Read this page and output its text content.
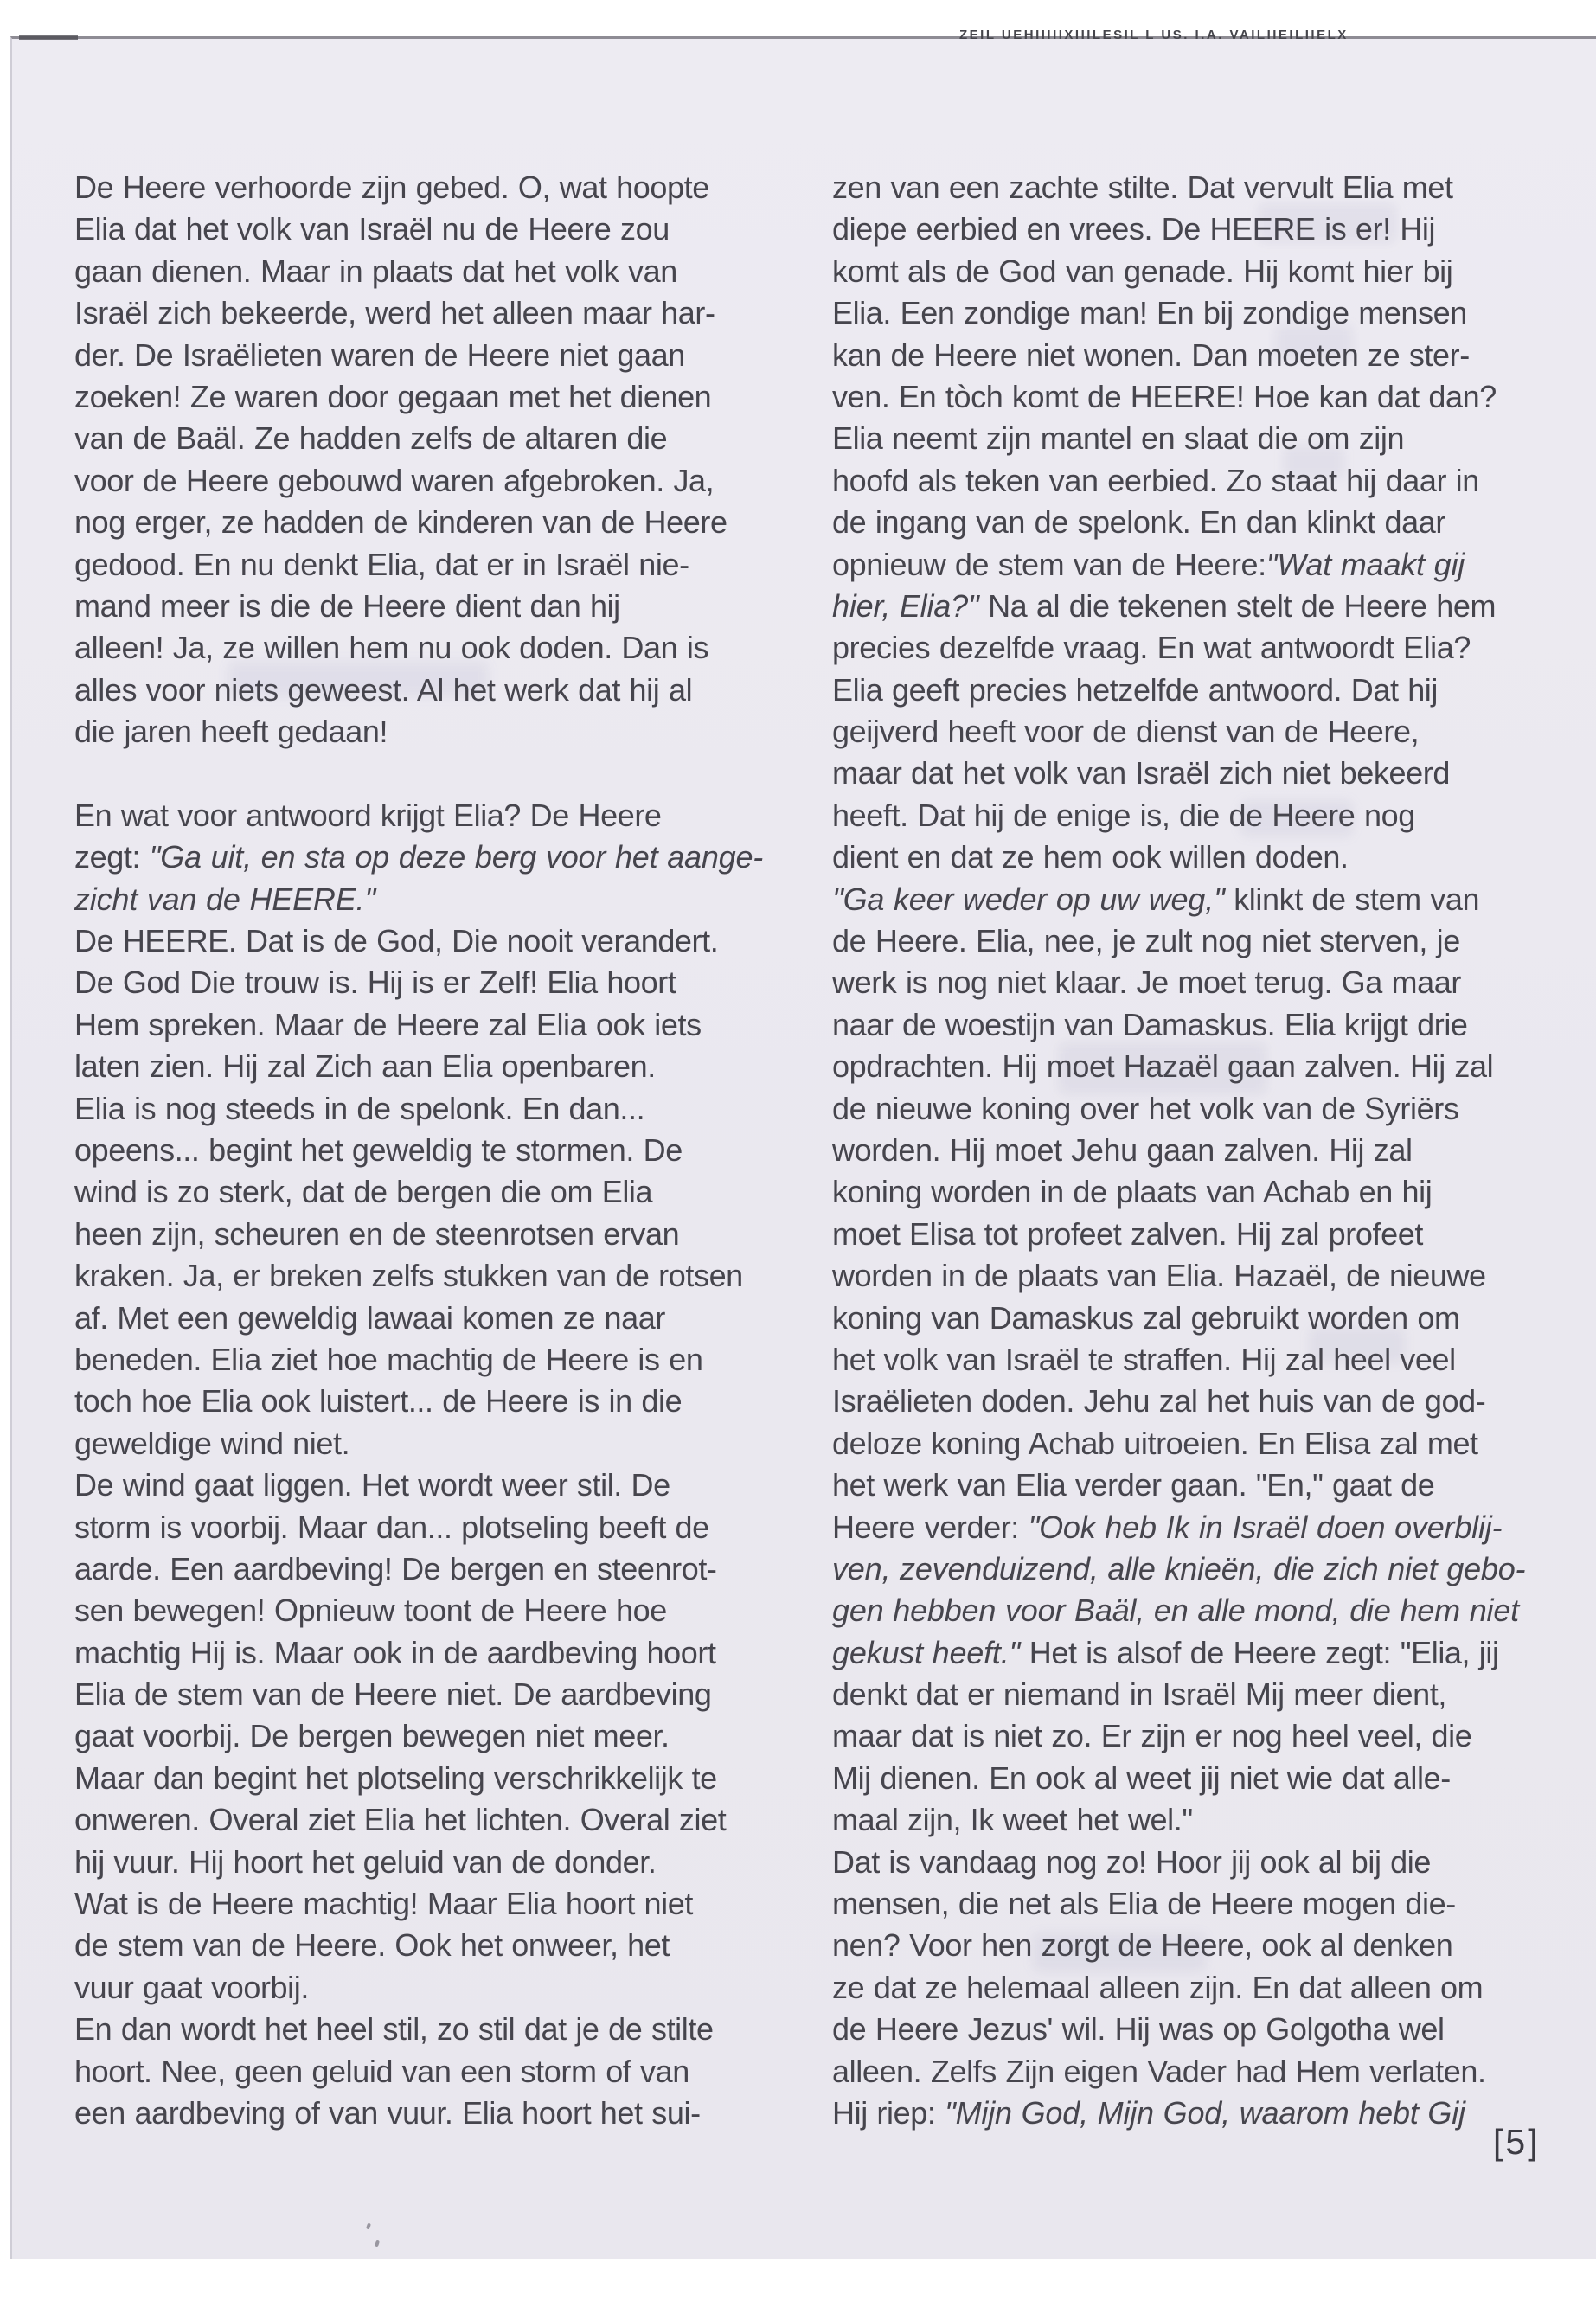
ZEIL UEHIIIIIXIIILESIL L US. I.A. VAILIIEILIIELX
De Heere verhoorde zijn gebed. O, wat hoopte
Elia dat het volk van Israël nu de Heere zou
gaan dienen. Maar in plaats dat het volk van
Israël zich bekeerde, werd het alleen maar har-
der. De Israëlieten waren de Heere niet gaan
zoeken! Ze waren door gegaan met het dienen
van de Baäl. Ze hadden zelfs de altaren die
voor de Heere gebouwd waren afgebroken. Ja,
nog erger, ze hadden de kinderen van de Heere
gedood. En nu denkt Elia, dat er in Israël nie-
mand meer is die de Heere dient dan hij
alleen! Ja, ze willen hem nu ook doden. Dan is
alles voor niets geweest. Al het werk dat hij al
die jaren heeft gedaan!
En wat voor antwoord krijgt Elia? De Heere
zegt: "Ga uit, en sta op deze berg voor het aange-
zicht van de HEERE."
De HEERE. Dat is de God, Die nooit verandert.
De God Die trouw is. Hij is er Zelf! Elia hoort
Hem spreken. Maar de Heere zal Elia ook iets
laten zien. Hij zal Zich aan Elia openbaren.
Elia is nog steeds in de spelonk. En dan...
opeens... begint het geweldig te stormen. De
wind is zo sterk, dat de bergen die om Elia
heen zijn, scheuren en de steenrotsen ervan
kraken. Ja, er breken zelfs stukken van de rotsen
af. Met een geweldig lawaai komen ze naar
beneden. Elia ziet hoe machtig de Heere is en
toch hoe Elia ook luistert... de Heere is in die
geweldige wind niet.
De wind gaat liggen. Het wordt weer stil. De
storm is voorbij. Maar dan... plotseling beeft de
aarde. Een aardbeving! De bergen en steenrot-
sen bewegen! Opnieuw toont de Heere hoe
machtig Hij is. Maar ook in de aardbeving hoort
Elia de stem van de Heere niet. De aardbeving
gaat voorbij. De bergen bewegen niet meer.
Maar dan begint het plotseling verschrikkelijk te
onweren. Overal ziet Elia het lichten. Overal ziet
hij vuur. Hij hoort het geluid van de donder.
Wat is de Heere machtig! Maar Elia hoort niet
de stem van de Heere. Ook het onweer, het
vuur gaat voorbij.
En dan wordt het heel stil, zo stil dat je de stilte
hoort. Nee, geen geluid van een storm of van
een aardbeving of van vuur. Elia hoort het sui-
zen van een zachte stilte. Dat vervult Elia met
diepe eerbied en vrees. De HEERE is er! Hij
komt als de God van genade. Hij komt hier bij
Elia. Een zondige man! En bij zondige mensen
kan de Heere niet wonen. Dan moeten ze ster-
ven. En tòch komt de HEERE! Hoe kan dat dan?
Elia neemt zijn mantel en slaat die om zijn
hoofd als teken van eerbied. Zo staat hij daar in
de ingang van de spelonk. En dan klinkt daar
opnieuw de stem van de Heere:"Wat maakt gij
hier, Elia?" Na al die tekenen stelt de Heere hem
precies dezelfde vraag. En wat antwoordt Elia?
Elia geeft precies hetzelfde antwoord. Dat hij
geijverd heeft voor de dienst van de Heere,
maar dat het volk van Israël zich niet bekeerd
heeft. Dat hij de enige is, die de Heere nog
dient en dat ze hem ook willen doden.
"Ga keer weder op uw weg," klinkt de stem van
de Heere. Elia, nee, je zult nog niet sterven, je
werk is nog niet klaar. Je moet terug. Ga maar
naar de woestijn van Damaskus. Elia krijgt drie
opdrachten. Hij moet Hazaël gaan zalven. Hij zal
de nieuwe koning over het volk van de Syriërs
worden. Hij moet Jehu gaan zalven. Hij zal
koning worden in de plaats van Achab en hij
moet Elisa tot profeet zalven. Hij zal profeet
worden in de plaats van Elia. Hazaël, de nieuwe
koning van Damaskus zal gebruikt worden om
het volk van Israël te straffen. Hij zal heel veel
Israëlieten doden. Jehu zal het huis van de god-
deloze koning Achab uitroeien. En Elisa zal met
het werk van Elia verder gaan. "En," gaat de
Heere verder: "Ook heb Ik in Israël doen overblij-
ven, zevenduizend, alle knieën, die zich niet gebo-
gen hebben voor Baäl, en alle mond, die hem niet
gekust heeft." Het is alsof de Heere zegt: "Elia, jij
denkt dat er niemand in Israël Mij meer dient,
maar dat is niet zo. Er zijn er nog heel veel, die
Mij dienen. En ook al weet jij niet wie dat alle-
maal zijn, Ik weet het wel."
Dat is vandaag nog zo! Hoor jij ook al bij die
mensen, die net als Elia de Heere mogen die-
nen? Voor hen zorgt de Heere, ook al denken
ze dat ze helemaal alleen zijn. En dat alleen om
de Heere Jezus' wil. Hij was op Golgotha wel
alleen. Zelfs Zijn eigen Vader had Hem verlaten.
Hij riep: "Mijn God, Mijn God, waarom hebt Gij
[5]
